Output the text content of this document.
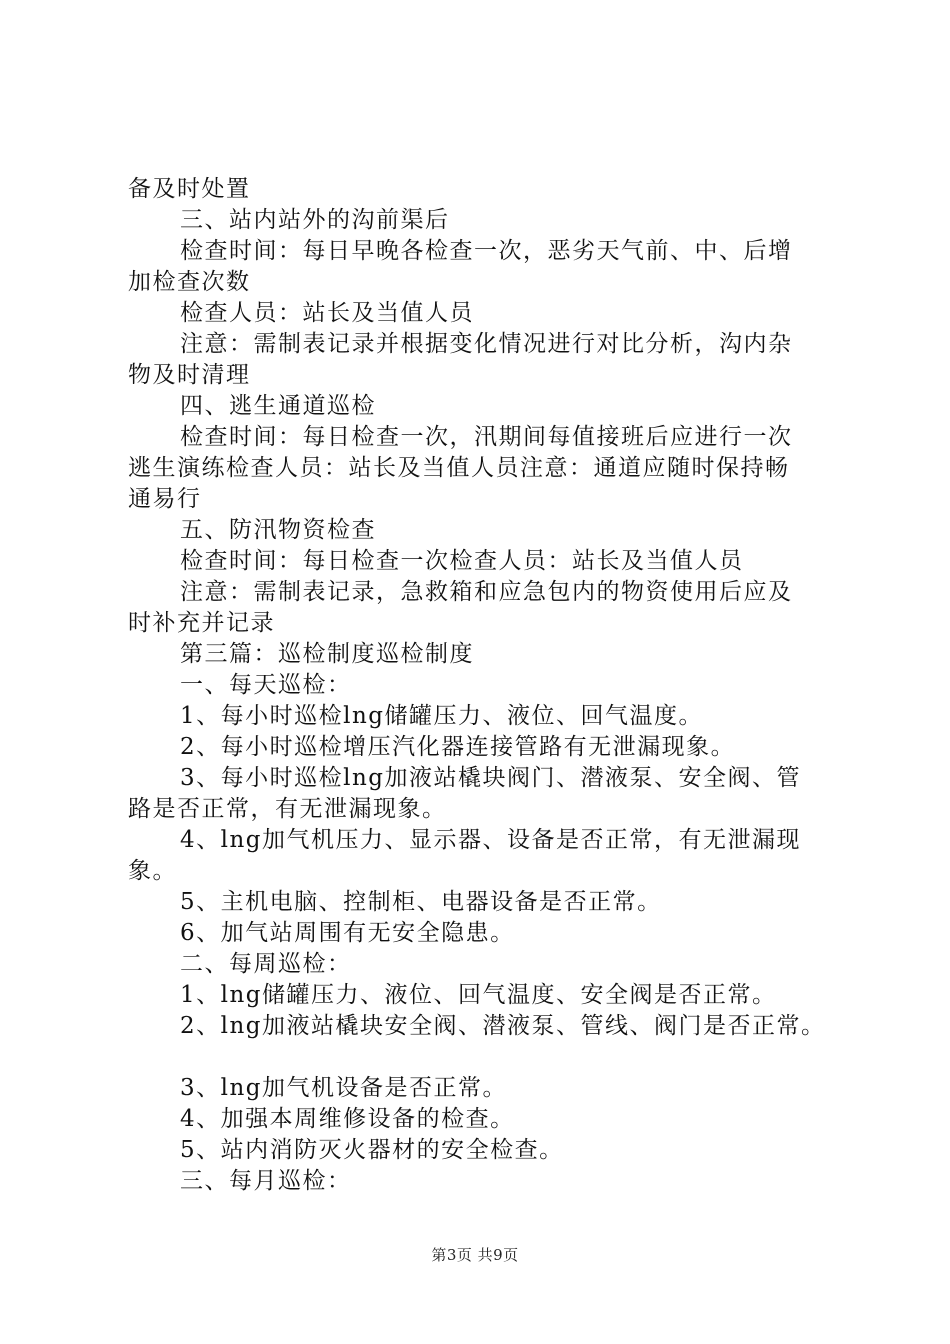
备及时处置
三、站内站外的沟前渠后
检查时间：每日早晚各检查一次，恶劣天气前、中、后增
加检查次数
检查人员：站长及当值人员
注意：需制表记录并根据变化情况进行对比分析，沟内杂
物及时清理
四、逃生通道巡检
检查时间：每日检查一次，汛期间每值接班后应进行一次
逃生演练检查人员：站长及当值人员注意：通道应随时保持畅
通易行
五、防汛物资检查
检查时间：每日检查一次检查人员：站长及当值人员
注意：需制表记录，急救箱和应急包内的物资使用后应及
时补充并记录
第三篇：巡检制度巡检制度
一、每天巡检：
1、每小时巡检lng储罐压力、液位、回气温度。
2、每小时巡检增压汽化器连接管路有无泄漏现象。
3、每小时巡检lng加液站橇块阀门、潜液泵、安全阀、管
路是否正常，有无泄漏现象。
4、lng加气机压力、显示器、设备是否正常，有无泄漏现
象。
5、主机电脑、控制柜、电器设备是否正常。
6、加气站周围有无安全隐患。
二、每周巡检：
1、lng储罐压力、液位、回气温度、安全阀是否正常。
2、lng加液站橇块安全阀、潜液泵、管线、阀门是否正常。
3、lng加气机设备是否正常。
4、加强本周维修设备的检查。
5、站内消防灭火器材的安全检查。
三、每月巡检：
第3页 共9页
